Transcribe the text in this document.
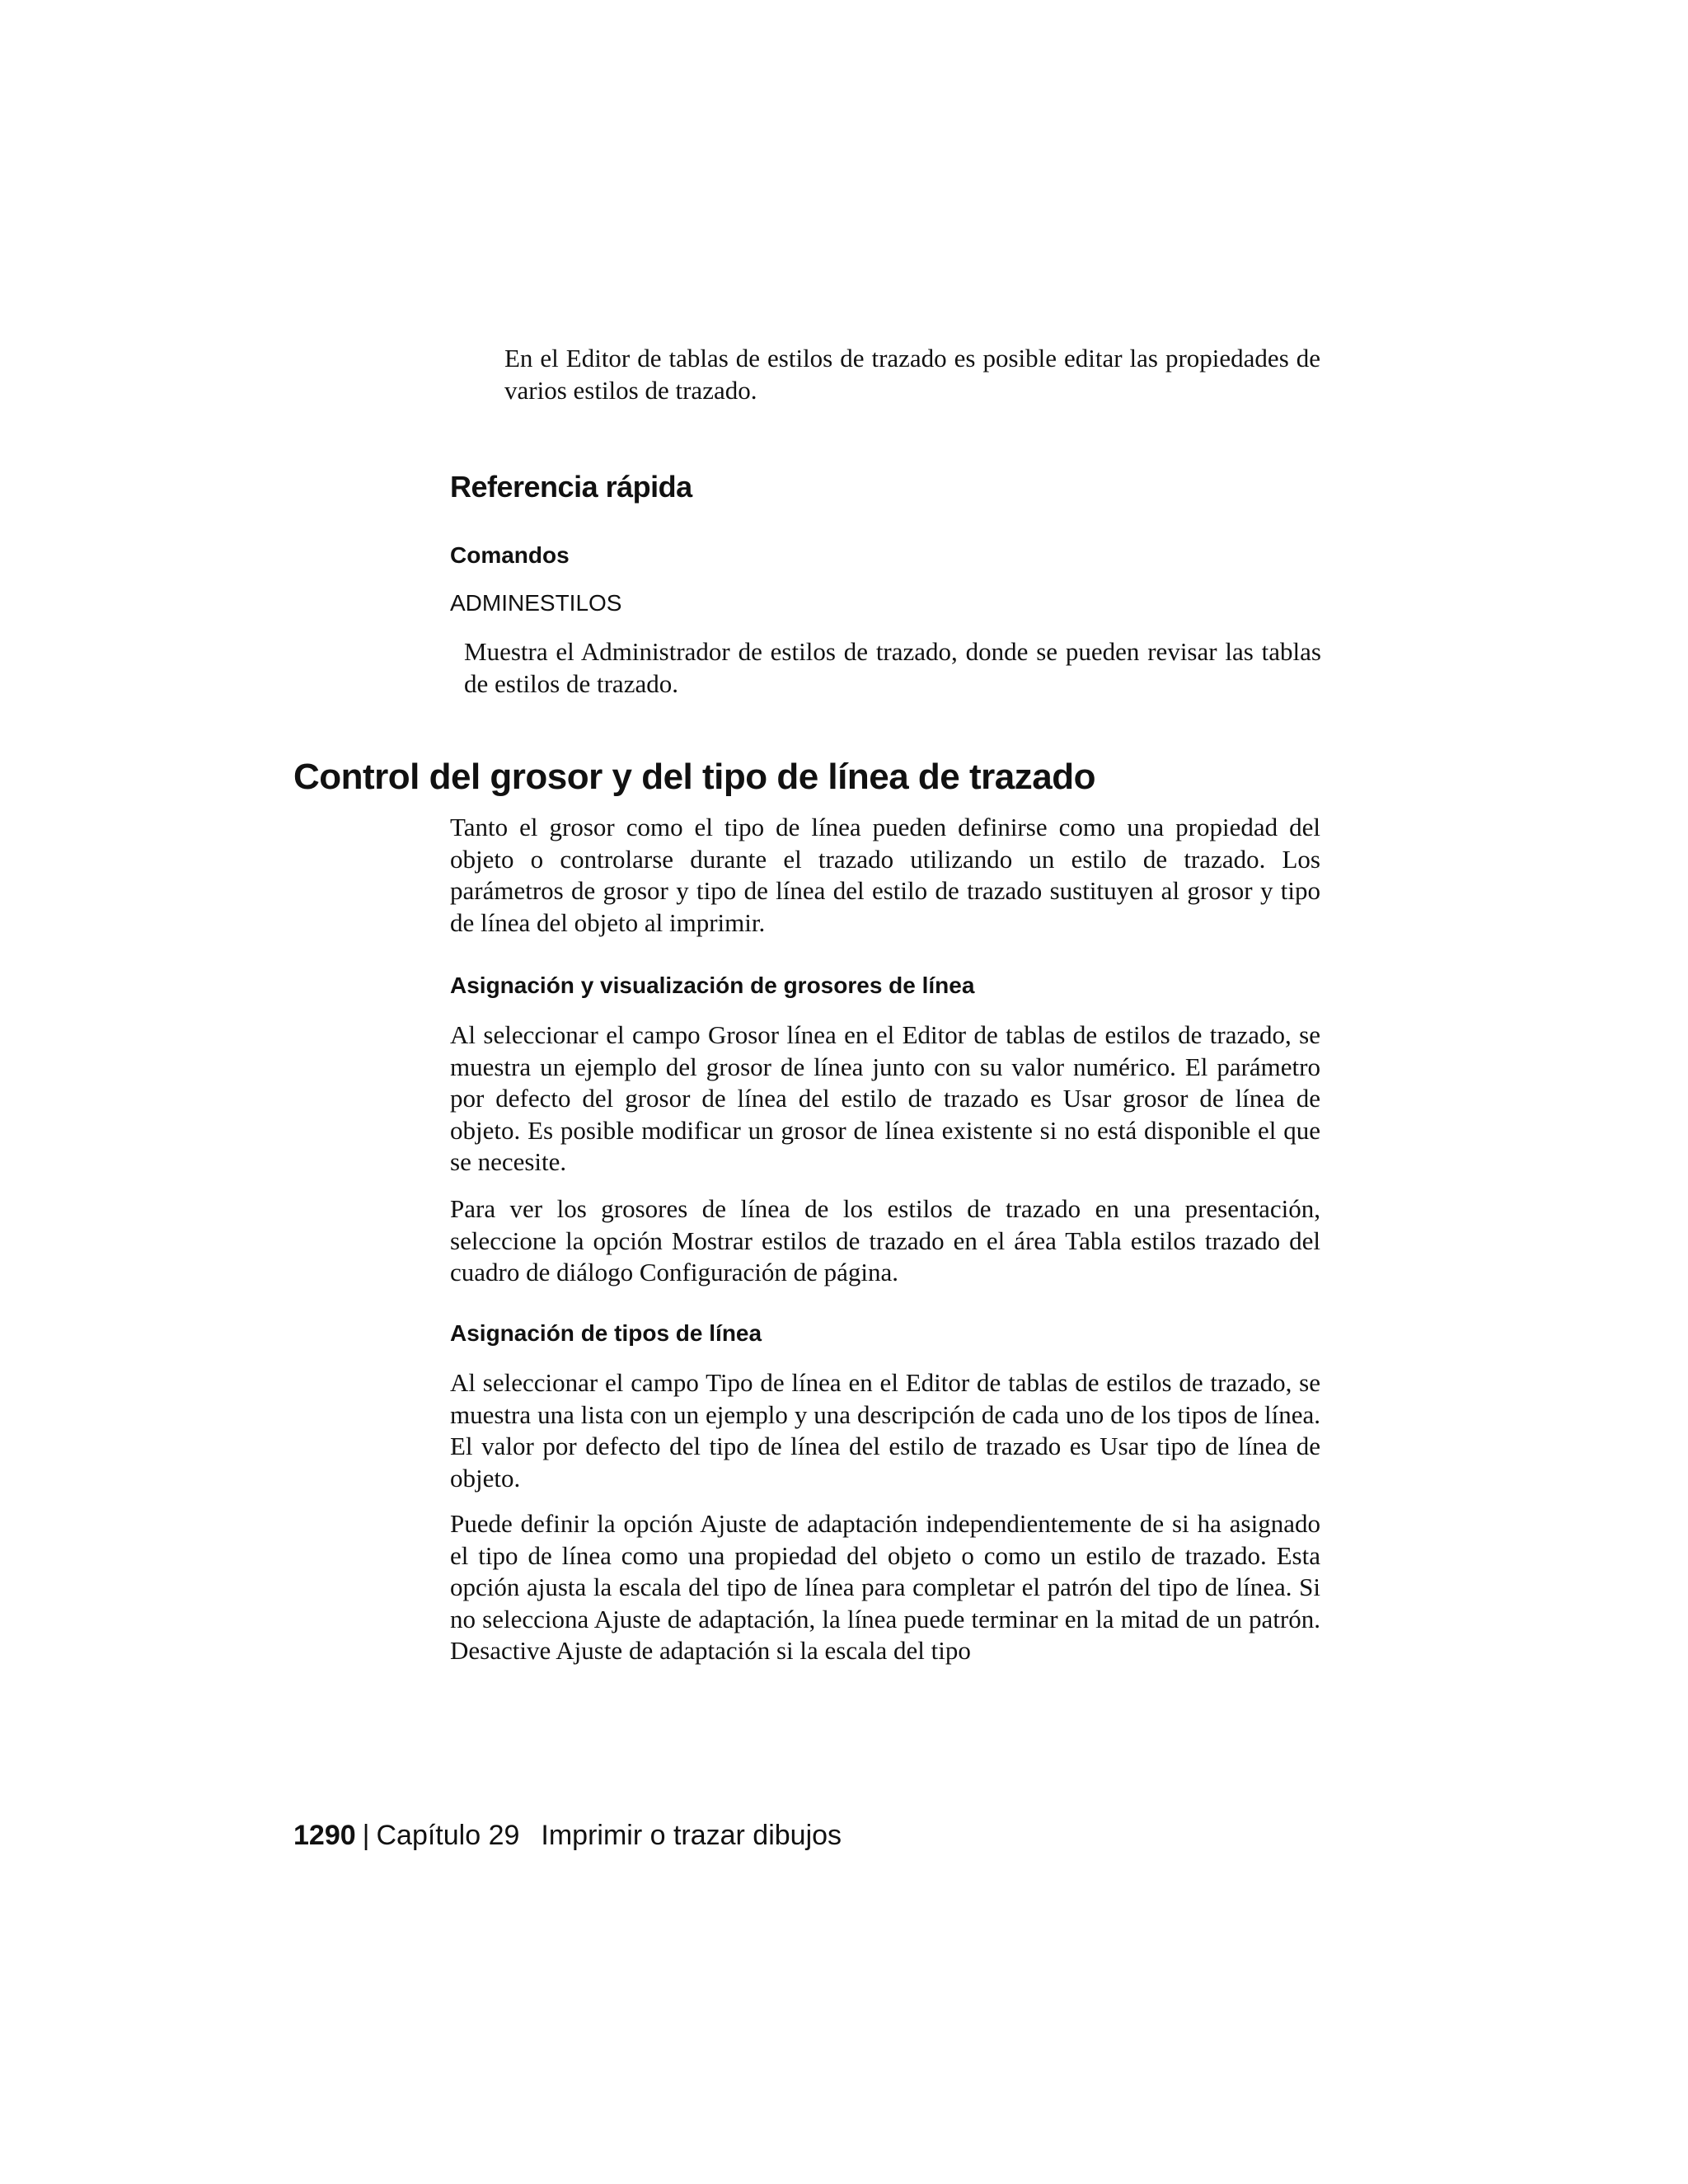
En el Editor de tablas de estilos de trazado es posible editar las propiedades de varios estilos de trazado.

Referencia rápida
Comandos
ADMINESTILOS

Muestra el Administrador de estilos de trazado, donde se pueden revisar las tablas de estilos de trazado.

Control del grosor y del tipo de línea de trazado

Tanto el grosor como el tipo de línea pueden definirse como una propiedad del objeto o controlarse durante el trazado utilizando un estilo de trazado. Los parámetros de grosor y tipo de línea del estilo de trazado sustituyen al grosor y tipo de línea del objeto al imprimir.

Asignación y visualización de grosores de línea

Al seleccionar el campo Grosor línea en el Editor de tablas de estilos de trazado, se muestra un ejemplo del grosor de línea junto con su valor numérico. El parámetro por defecto del grosor de línea del estilo de trazado es Usar grosor de línea de objeto. Es posible modificar un grosor de línea existente si no está disponible el que se necesite.

Para ver los grosores de línea de los estilos de trazado en una presentación, seleccione la opción Mostrar estilos de trazado en el área Tabla estilos trazado del cuadro de diálogo Configuración de página.

Asignación de tipos de línea

Al seleccionar el campo Tipo de línea en el Editor de tablas de estilos de trazado, se muestra una lista con un ejemplo y una descripción de cada uno de los tipos de línea. El valor por defecto del tipo de línea del estilo de trazado es Usar tipo de línea de objeto.

Puede definir la opción Ajuste de adaptación independientemente de si ha asignado el tipo de línea como una propiedad del objeto o como un estilo de trazado. Esta opción ajusta la escala del tipo de línea para completar el patrón del tipo de línea. Si no selecciona Ajuste de adaptación, la línea puede terminar en la mitad de un patrón. Desactive Ajuste de adaptación si la escala del tipo

1290 | Capítulo 29 Imprimir o trazar dibujos
